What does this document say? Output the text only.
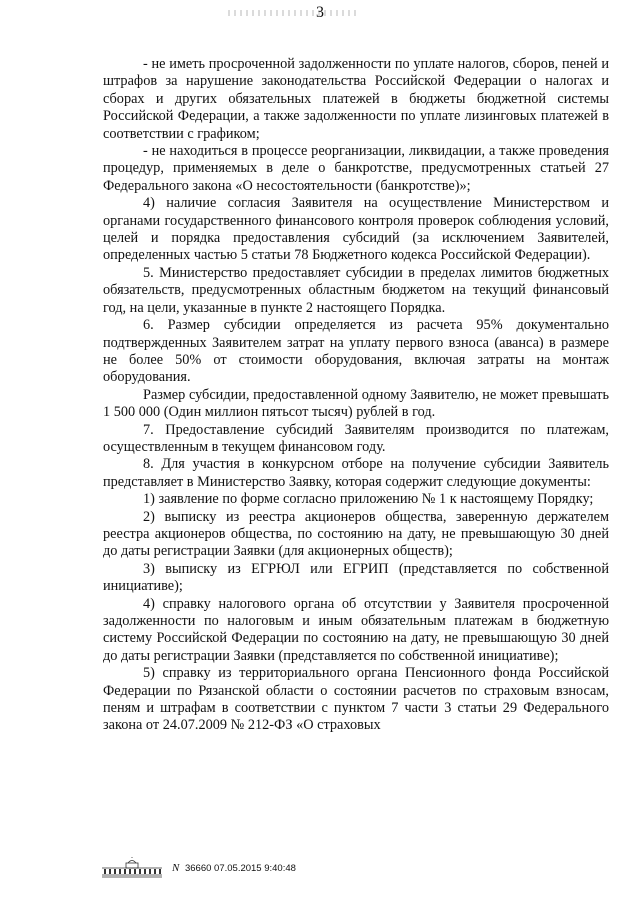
3

- не иметь просроченной задолженности по уплате налогов, сборов, пеней и штрафов за нарушение законодательства Российской Федерации о налогах и сборах и других обязательных платежей в бюджеты бюджетной системы Российской Федерации, а также задолженности по уплате лизинговых платежей в соответствии с графиком;

- не находиться в процессе реорганизации, ликвидации, а также проведения процедур, применяемых в деле о банкротстве, предусмотренных статьей 27 Федерального закона «О несостоятельности (банкротстве)»;

4) наличие согласия Заявителя на осуществление Министерством и органами государственного финансового контроля проверок соблюдения условий, целей и порядка предоставления субсидий (за исключением Заявителей, определенных частью 5 статьи 78 Бюджетного кодекса Российской Федерации).

5. Министерство предоставляет субсидии в пределах лимитов бюджетных обязательств, предусмотренных областным бюджетом на текущий финансовый год, на цели, указанные в пункте 2 настоящего Порядка.

6. Размер субсидии определяется из расчета 95% документально подтвержденных Заявителем затрат на уплату первого взноса (аванса) в размере не более 50% от стоимости оборудования, включая затраты на монтаж оборудования.

Размер субсидии, предоставленной одному Заявителю, не может превышать 1 500 000 (Один миллион пятьсот тысяч) рублей в год.

7. Предоставление субсидий Заявителям производится по платежам, осуществленным в текущем финансовом году.

8. Для участия в конкурсном отборе на получение субсидии Заявитель представляет в Министерство Заявку, которая содержит следующие документы:

1) заявление по форме согласно приложению № 1 к настоящему Порядку;

2) выписку из реестра акционеров общества, заверенную держателем реестра акционеров общества, по состоянию на дату, не превышающую 30 дней до даты регистрации Заявки (для акционерных обществ);

3) выписку из ЕГРЮЛ или ЕГРИП (представляется по собственной инициативе);

4) справку налогового органа об отсутствии у Заявителя просроченной задолженности по налоговым и иным обязательным платежам в бюджетную систему Российской Федерации по состоянию на дату, не превышающую 30 дней до даты регистрации Заявки (представляется по собственной инициативе);

5) справку из территориального органа Пенсионного фонда Российской Федерации по Рязанской области о состоянии расчетов по страховым взносам, пеням и штрафам в соответствии с пунктом 7 части 3 статьи 29 Федерального закона от 24.07.2009 № 212-ФЗ «О страховых

N 36660 07.05.2015 9:40:48
